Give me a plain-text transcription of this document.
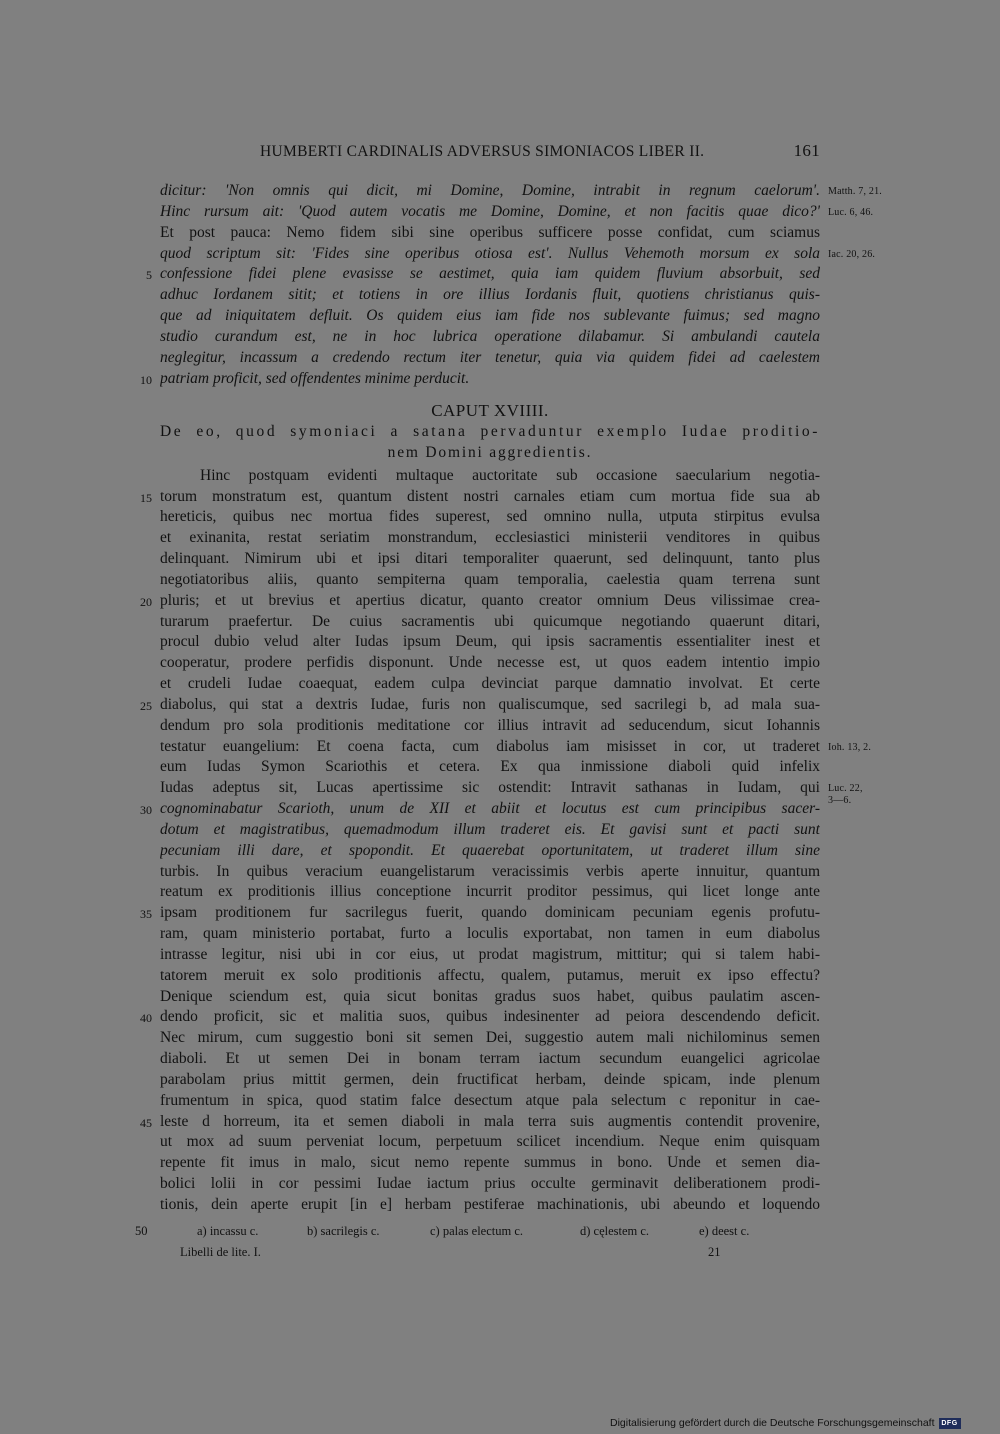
HUMBERTI CARDINALIS ADVERSUS SIMONIACOS LIBER II.	161
dicitur: 'Non omnis qui dicit, mi Domine, Domine, intrabit in regnum caelorum'.
Hinc rursum ait: 'Quod autem vocatis me Domine, Domine, et non facitis quae dico?'
Et post pauca: Nemo fidem sibi sine operibus sufficere posse confidat, cum sciamus
quod scriptum sit: 'Fides sine operibus otiosa est'. Nullus Vehemoth morsum ex sola
confessione fidei plene evasisse se aestimet, quia iam quidem fluvium absorbuit, sed
adhuc Iordanem sitit; et totiens in ore illius Iordanis fluit, quotiens christianus quis-
que ad iniquitatem defluit. Os quidem eius iam fide nos sublevante fuimus; sed magno
studio curandum est, ne in hoc lubrica operatione dilabamur. Si ambulandi cautela
neglegitur, incassum a credendo rectum iter tenetur, quia via quidem fidei ad caelestem
patriam proficit, sed offendentes minime perducit.
CAPUT XVIIII.
De eo, quod symoniaci a satana pervaduntur exemplo Iudae proditio-
nem Domini aggredientis.
Hinc postquam evidenti multaque auctoritate sub occasione saecularium negotia-
torum monstratum est, quantum distent nostri carnales etiam cum mortua fide sua ab
hereticis, quibus nec mortua fides superest, sed omnino nulla, utputa stirpitus evulsa
et exinanita, restat seriatim monstrandum, ecclesiastici ministerii venditores in quibus
delinquant. Nimirum ubi et ipsi ditari temporaliter quaerunt, sed delinquunt, tanto plus
negotiatoribus aliis, quanto sempiterna quam temporalia, caelestia quam terrena sunt
pluris; et ut brevius et apertius dicatur, quanto creator omnium Deus vilissimae crea-
turarum praefertur. De cuius sacramentis ubi quicumque negotiando quaerunt ditari,
procul dubio velud alter Iudas ipsum Deum, qui ipsis sacramentis essentialiter inest et
cooperatur, prodere perfidis disponunt. Unde necesse est, ut quos eadem intentio impio
et crudeli Iudae coaequat, eadem culpa devinciat parque damnatio involvat. Et certe
diabolus, qui stat a dextris Iudae, furis non qualiscumque, sed sacrilegi b, ad mala sua-
dendum pro sola proditionis meditatione cor illius intravit ad seducendum, sicut Iohannis
testatur euangelium: Et coena facta, cum diabolus iam misisset in cor, ut traderet
eum Iudas Symon Scariothis et cetera. Ex qua inmissione diaboli quid infelix
Iudas adeptus sit, Lucas apertissime sic ostendit: Intravit sathanas in Iudam, qui
cognominabatur Scarioth, unum de XII et abiit et locutus est cum principibus sacer-
dotum et magistratibus, quemadmodum illum traderet eis. Et gavisi sunt et pacti sunt
pecuniam illi dare, et spopondit. Et quaerebat oportunitatem, ut traderet illum sine
turbis. In quibus veracium euangelistarum veracissimis verbis aperte innuitur, quantum
reatum ex proditionis illius conceptione incurrit proditor pessimus, qui licet longe ante
ipsam proditionem fur sacrilegus fuerit, quando dominicam pecuniam egenis profutu-
ram, quam ministerio portabat, furto a loculis exportabat, non tamen in eum diabolus
intrasse legitur, nisi ubi in cor eius, ut prodat magistrum, mittitur; qui si talem habi-
tatorem meruit ex solo proditionis affectu, qualem, putamus, meruit ex ipso effectu?
Denique sciendum est, quia sicut bonitas gradus suos habet, quibus paulatim ascen-
dendo proficit, sic et malitia suos, quibus indesinenter ad peiora descendendo deficit.
Nec mirum, cum suggestio boni sit semen Dei, suggestio autem mali nichilominus semen
diaboli. Et ut semen Dei in bonam terram iactum secundum euangelici agricolae
parabolam prius mittit germen, dein fructificat herbam, deinde spicam, inde plenum
frumentum in spica, quod statim falce desectum atque pala selectum c reponitur in cae-
leste d horreum, ita et semen diaboli in mala terra suis augmentis contendit provenire,
ut mox ad suum perveniat locum, perpetuum scilicet incendium. Neque enim quisquam
repente fit imus in malo, sicut nemo repente summus in bono. Unde et semen dia-
bolici lolii in cor pessimi Iudae iactum prius occulte germinavit deliberationem prodi-
tionis, dein aperte erupit [in e] herbam pestiferae machinationis, ubi abeundo et loquendo
5
10
15
20
25
30
35
40
45
Matth. 7, 21.
Luc. 6, 46.
Iac. 20, 26.
Ioh. 13, 2.
Luc. 22,
3—6.
50	a) incassu c.	b) sacrilegis c.	c) palas electum c.	d) cęlestem c.	e) deest c.
Libelli de lite. I.	21
Digitalisierung gefördert durch die Deutsche Forschungsgemeinschaft DFG
